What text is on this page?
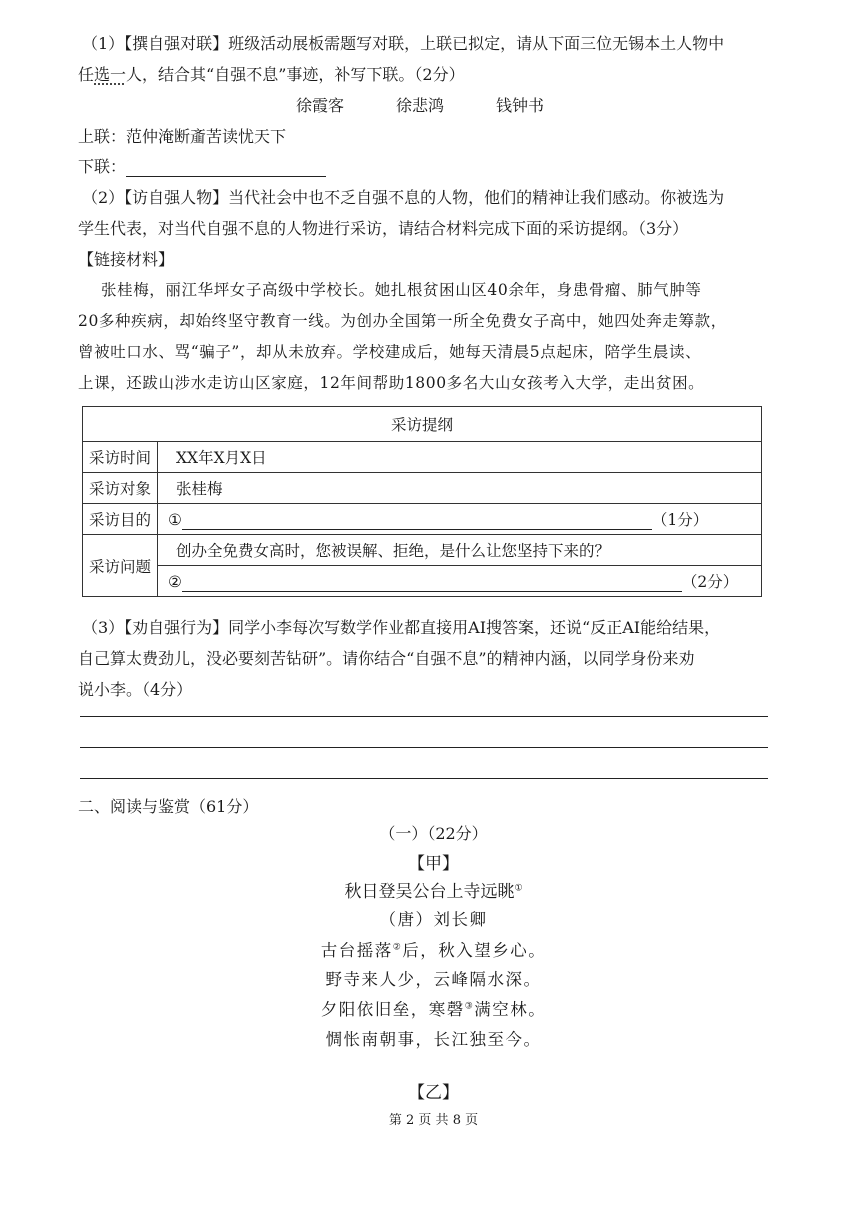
（1）【撰自强对联】班级活动展板需题写对联，上联已拟定，请从下面三位无锡本土人物中
任选一人，结合其“自强不息”事迹，补写下联。（2分）
徐霞客	徐悲鸿	钱钟书
上联：范仲淹断齑苦读忧天下
下联：
（2）【访自强人物】当代社会中也不乏自强不息的人物，他们的精神让我们感动。你被选为
学生代表，对当代自强不息的人物进行采访，请结合材料完成下面的采访提纲。（3分）
【链接材料】
张桂梅，丽江华坪女子高级中学校长。她扎根贫困山区40余年，身患骨瘤、肺气肿等
20多种疾病，却始终坚守教育一线。为创办全国第一所全免费女子高中，她四处奔走筹款，
曾被吐口水、骂“骗子”，却从未放弃。学校建成后，她每天清晨5点起床，陪学生晨读、
上课，还跋山涉水走访山区家庭，12年间帮助1800多名大山女孩考入大学，走出贫困。
采访提纲	
采访时间	XX年X月X日
采访对象	张桂梅
采访目的	① （1分）
采访问题	创办全免费女高时，您被误解、拒绝，是什么让您坚持下来的？
	② （2分）
（3）【劝自强行为】同学小李每次写数学作业都直接用AI搜答案，还说“反正AI能给结果，
自己算太费劲儿，没必要刻苦钻研”。请你结合“自强不息”的精神内涵，以同学身份来劝
说小李。（4分）
二、阅读与鉴赏（61分）
（一）（22分）
【甲】
秋日登吴公台上寺远眺①
（唐）刘长卿
古台摇落②后，秋入望乡心。
野寺来人少，云峰隔水深。
夕阳依旧垒，寒磬③满空林。
惆怅南朝事，长江独至今。
【乙】
第 2 页 共 8 页
